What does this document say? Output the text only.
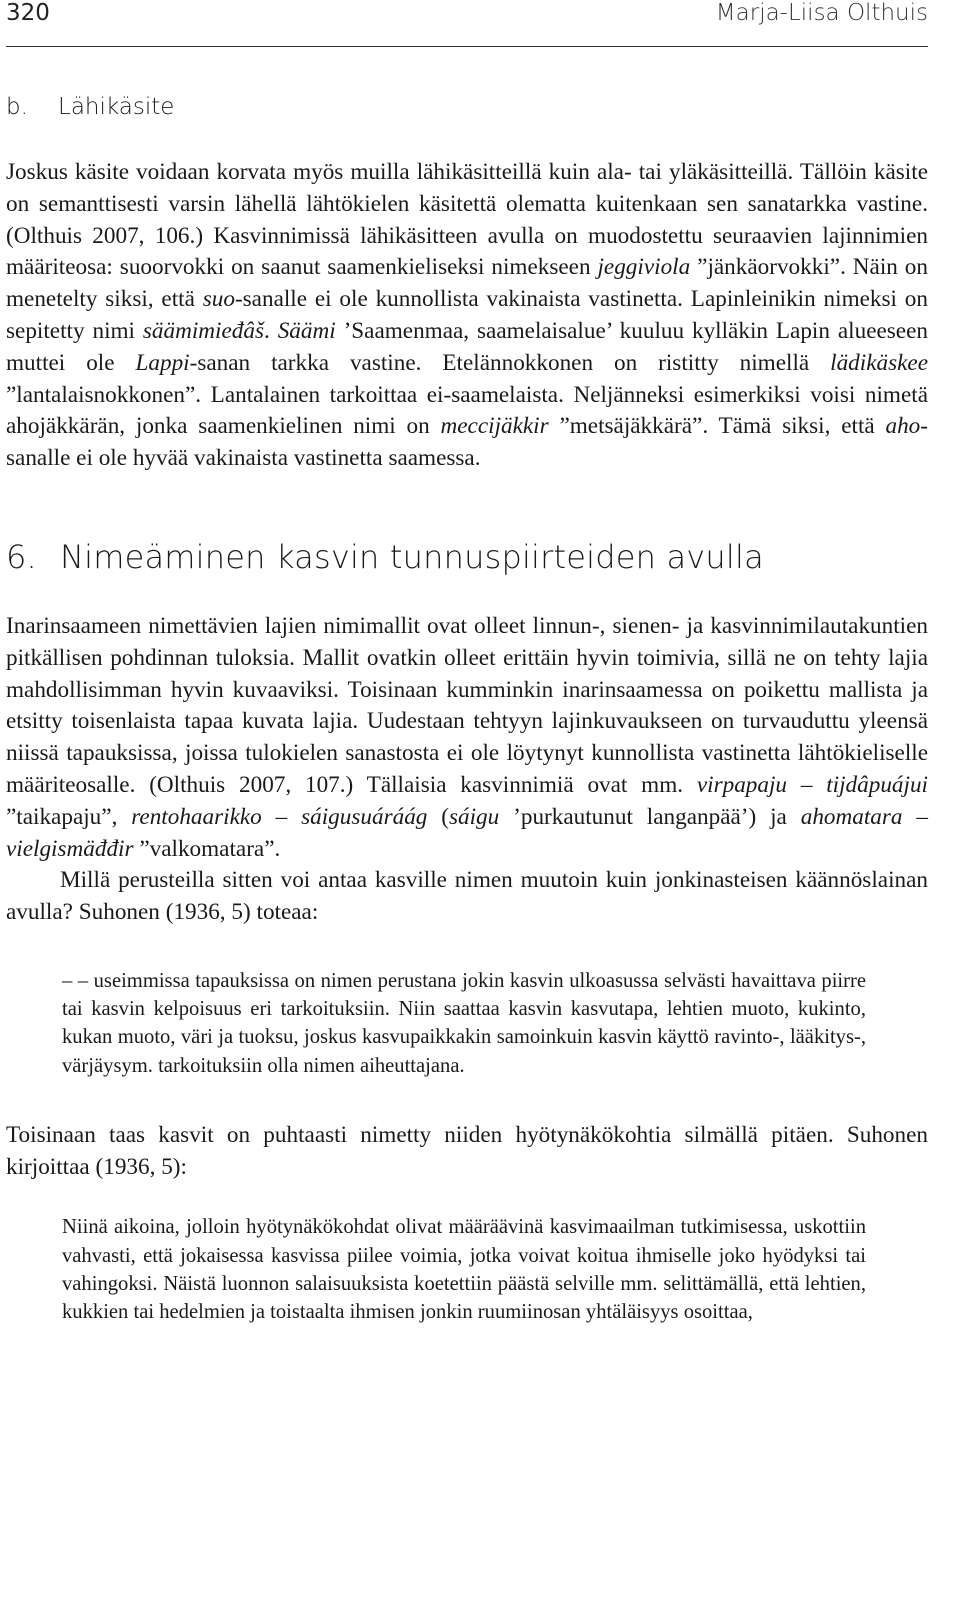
320	Marja-Liisa Olthuis
b. Lähikäsite

Joskus käsite voidaan korvata myös muilla lähikäsitteillä kuin ala- tai yläkäsitteillä. Tällöin käsite on semanttisesti varsin lähellä lähtökielen käsitettä olematta kuitenkaan sen sanatarkka vastine. (Olthuis 2007, 106.) Kasvinnimissä lähikäsitteen avulla on muodostettu seuraavien lajinnimien määriteosa: suoorvokki on saanut saamenkieliseksi nimekseen jeggiviola ”jänkäorvokki”. Näin on menetelty siksi, että suo-sanalle ei ole kunnollista vakinaista vastinetta. Lapinleinikin nimeksi on sepitetty nimi säämimieđâš. Säämi ’Saamenmaa, saamelaisalue’ kuuluu kylläkin Lapin alueeseen muttei ole Lappi-sanan tarkka vastine. Etelännokkonen on ristitty nimellä lädikäskee ”lantalaisnokkonen”. Lantalainen tarkoittaa ei-saamelaista. Neljänneksi esimerkiksi voisi nimetä ahojäkkärän, jonka saamenkielinen nimi on meccijäkkir ”metsäjäkkärä”. Tämä siksi, että aho-sanalle ei ole hyvää vakinaista vastinetta saamessa.

6. Nimeäminen kasvin tunnuspiirteiden avulla

Inarinsaameen nimettävien lajien nimimallit ovat olleet linnun-, sienen- ja kasvinnimilautakuntien pitkällisen pohdinnan tuloksia. Mallit ovatkin olleet erittäin hyvin toimivia, sillä ne on tehty lajia mahdollisimman hyvin kuvaaviksi. Toisinaan kumminkin inarinsaamessa on poikettu mallista ja etsitty toisenlaista tapaa kuvata lajia. Uudestaan tehtyyn lajinkuvaukseen on turvauduttu yleensä niissä tapauksissa, joissa tulokielen sanastosta ei ole löytynyt kunnollista vastinetta lähtökieliselle määriteosalle. (Olthuis 2007, 107.) Tällaisia kasvinnimiä ovat mm. virpapaju – tijdâpuájui ”taikapaju”, rentohaarikko – sáigusuáráág (sáigu ’purkautunut langanpää’) ja ahomatara – vielgismäđđir ”valkomatara”.

Millä perusteilla sitten voi antaa kasville nimen muutoin kuin jonkinasteisen käännöslainan avulla? Suhonen (1936, 5) toteaa:

– – useimmissa tapauksissa on nimen perustana jokin kasvin ulkoasussa selvästi havaittava piirre tai kasvin kelpoisuus eri tarkoituksiin. Niin saattaa kasvin kasvutapa, lehtien muoto, kukinto, kukan muoto, väri ja tuoksu, joskus kasvupaikkakin samoinkuin kasvin käyttö ravinto-, lääkitys-, värjäysym. tarkoituksiin olla nimen aiheuttajana.

Toisinaan taas kasvit on puhtaasti nimetty niiden hyötynäkökohtia silmällä pitäen. Suhonen kirjoittaa (1936, 5):

Niinä aikoina, jolloin hyötynäkökohdat olivat määräävinä kasvimaailman tutkimisessa, uskottiin vahvasti, että jokaisessa kasvissa piilee voimia, jotka voivat koitua ihmiselle joko hyödyksi tai vahingoksi. Näistä luonnon salaisuuksista koetettiin päästä selville mm. selittämällä, että lehtien, kukkien tai hedelmien ja toistaalta ihmisen jonkin ruumiinosan yhtäläisyys osoittaa,
